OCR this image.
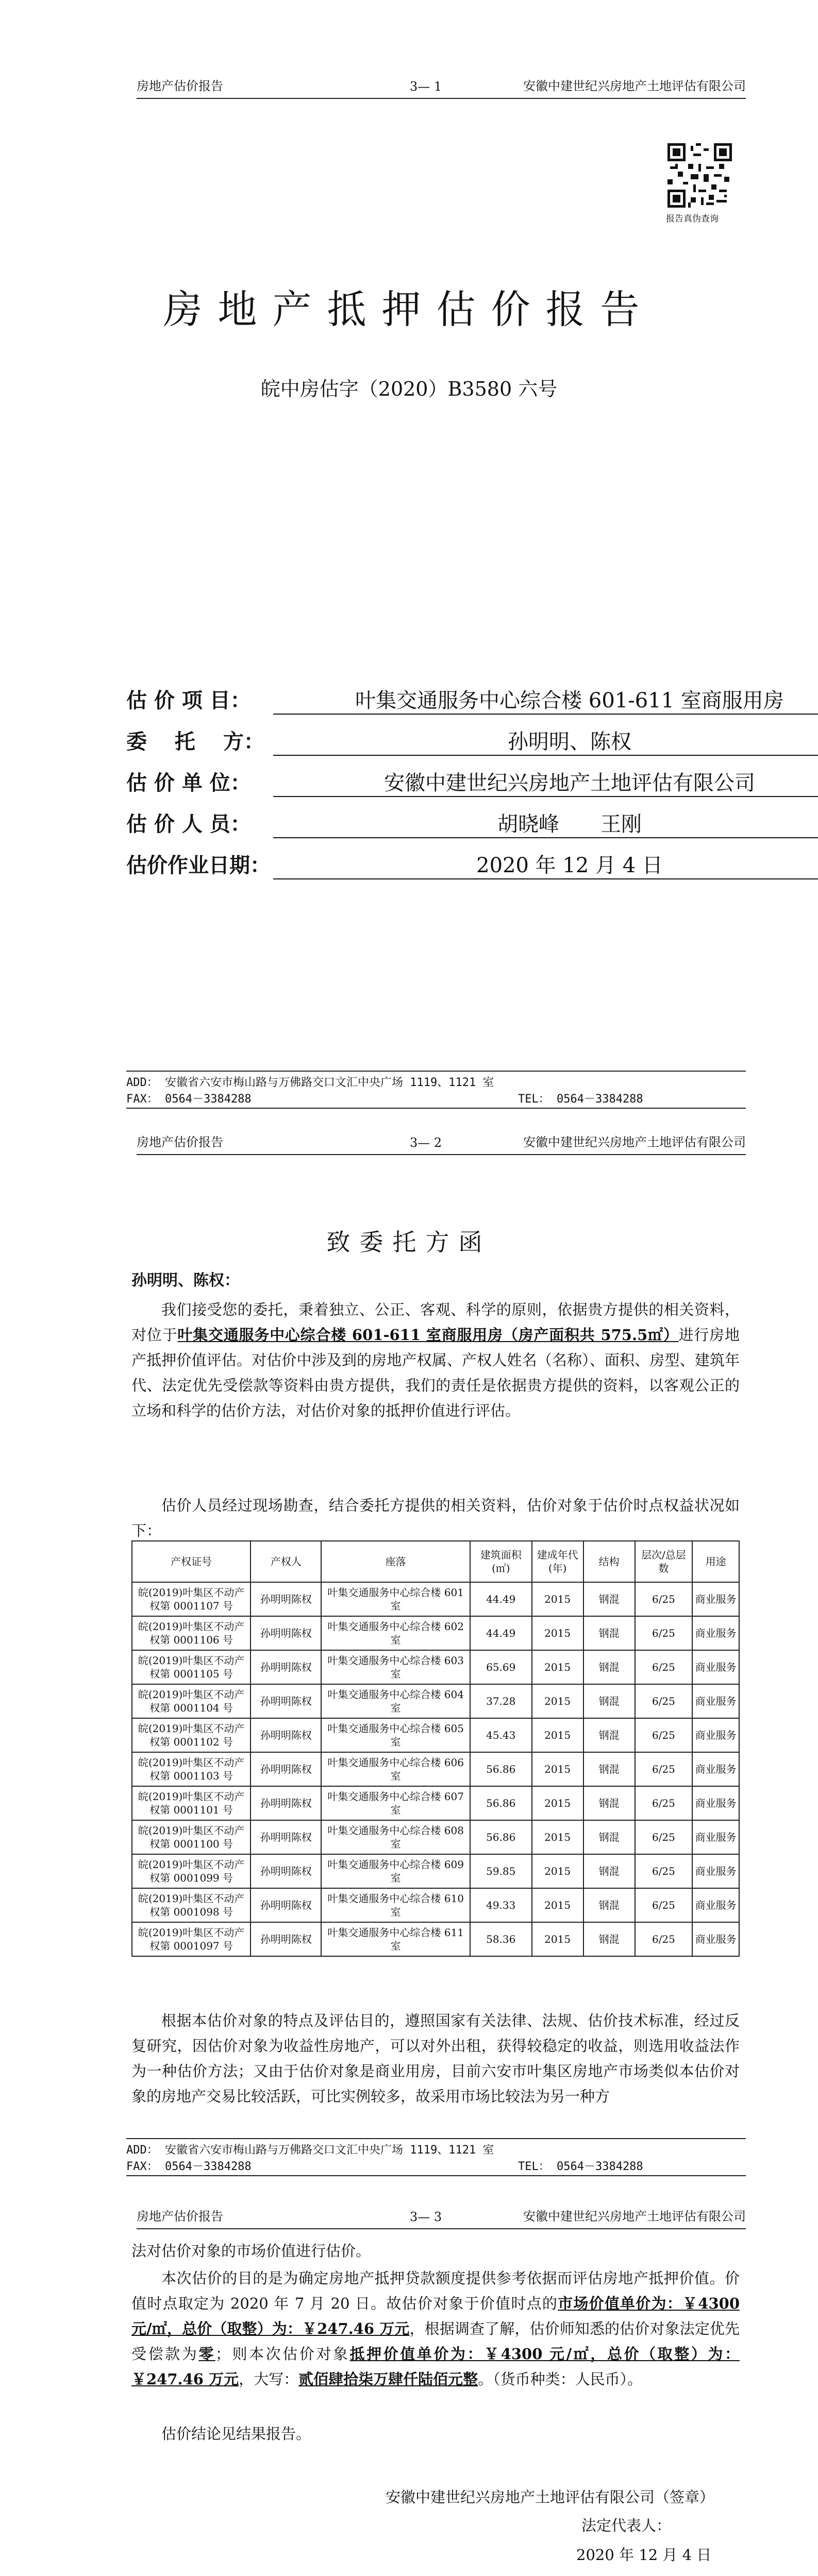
房地产估价报告	3— 1	安徽中建世纪兴房地产土地评估有限公司
报告真伪查询
房地产抵押估价报告
皖中房估字（2020）B3580 六号
估 价 项 目：	叶集交通服务中心综合楼 601-611 室商服用房
委　 托　 方：	孙明明、陈权
估 价 单 位：	安徽中建世纪兴房地产土地评估有限公司
估 价 人 员：	胡晓峰　　王刚
估价作业日期：	2020 年 12 月 4 日
ADD： 安徽省六安市梅山路与万佛路交口文汇中央广场 1119、1121 室
FAX： 0564－3384288	TEL： 0564－3384288
房地产估价报告	3— 2	安徽中建世纪兴房地产土地评估有限公司
致委托方函
孙明明、陈权：
我们接受您的委托，秉着独立、公正、客观、科学的原则，依据贵方提供的相关资料，对位于叶集交通服务中心综合楼 601-611 室商服用房（房产面积共 575.5㎡）进行房地产抵押价值评估。对估价中涉及到的房地产权属、产权人姓名（名称）、面积、房型、建筑年代、法定优先受偿款等资料由贵方提供，我们的责任是依据贵方提供的资料，以客观公正的立场和科学的估价方法，对估价对象的抵押价值进行评估。
估价人员经过现场勘查，结合委托方提供的相关资料，估价对象于估价时点权益状况如下：
产权证号	产权人	座落	建筑面积(㎡)	建成年代(年)	结构	层次/总层数	用途
皖(2019)叶集区不动产权第 0001107 号	孙明明陈权	叶集交通服务中心综合楼 601 室	44.49	2015	钢混	6/25	商业服务
皖(2019)叶集区不动产权第 0001106 号	孙明明陈权	叶集交通服务中心综合楼 602 室	44.49	2015	钢混	6/25	商业服务
皖(2019)叶集区不动产权第 0001105 号	孙明明陈权	叶集交通服务中心综合楼 603 室	65.69	2015	钢混	6/25	商业服务
皖(2019)叶集区不动产权第 0001104 号	孙明明陈权	叶集交通服务中心综合楼 604 室	37.28	2015	钢混	6/25	商业服务
皖(2019)叶集区不动产权第 0001102 号	孙明明陈权	叶集交通服务中心综合楼 605 室	45.43	2015	钢混	6/25	商业服务
皖(2019)叶集区不动产权第 0001103 号	孙明明陈权	叶集交通服务中心综合楼 606 室	56.86	2015	钢混	6/25	商业服务
皖(2019)叶集区不动产权第 0001101 号	孙明明陈权	叶集交通服务中心综合楼 607 室	56.86	2015	钢混	6/25	商业服务
皖(2019)叶集区不动产权第 0001100 号	孙明明陈权	叶集交通服务中心综合楼 608 室	56.86	2015	钢混	6/25	商业服务
皖(2019)叶集区不动产权第 0001099 号	孙明明陈权	叶集交通服务中心综合楼 609 室	59.85	2015	钢混	6/25	商业服务
皖(2019)叶集区不动产权第 0001098 号	孙明明陈权	叶集交通服务中心综合楼 610 室	49.33	2015	钢混	6/25	商业服务
皖(2019)叶集区不动产权第 0001097 号	孙明明陈权	叶集交通服务中心综合楼 611 室	58.36	2015	钢混	6/25	商业服务
根据本估价对象的特点及评估目的，遵照国家有关法律、法规、估价技术标准，经过反复研究，因估价对象为收益性房地产，可以对外出租，获得较稳定的收益，则选用收益法作为一种估价方法；又由于估价对象是商业用房，目前六安市叶集区房地产市场类似本估价对象的房地产交易比较活跃，可比实例较多，故采用市场比较法为另一种方
ADD： 安徽省六安市梅山路与万佛路交口文汇中央广场 1119、1121 室
FAX： 0564－3384288	TEL： 0564－3384288
房地产估价报告	3— 3	安徽中建世纪兴房地产土地评估有限公司
法对估价对象的市场价值进行估价。
本次估价的目的是为确定房地产抵押贷款额度提供参考依据而评估房地产抵押价值。价值时点取定为 2020 年 7 月 20 日。故估价对象于价值时点的市场价值单价为：￥4300 元/㎡，总价（取整）为：￥247.46 万元，根据调查了解，估价师知悉的估价对象法定优先受偿款为零；则本次估价对象抵押价值单价为：￥4300 元/㎡，总价（取整）为：￥247.46 万元，大写：贰佰肆拾柒万肆仟陆佰元整。（货币种类：人民币）。
估价结论见结果报告。
安徽中建世纪兴房地产土地评估有限公司（签章）
法定代表人：
2020 年 12 月 4 日
